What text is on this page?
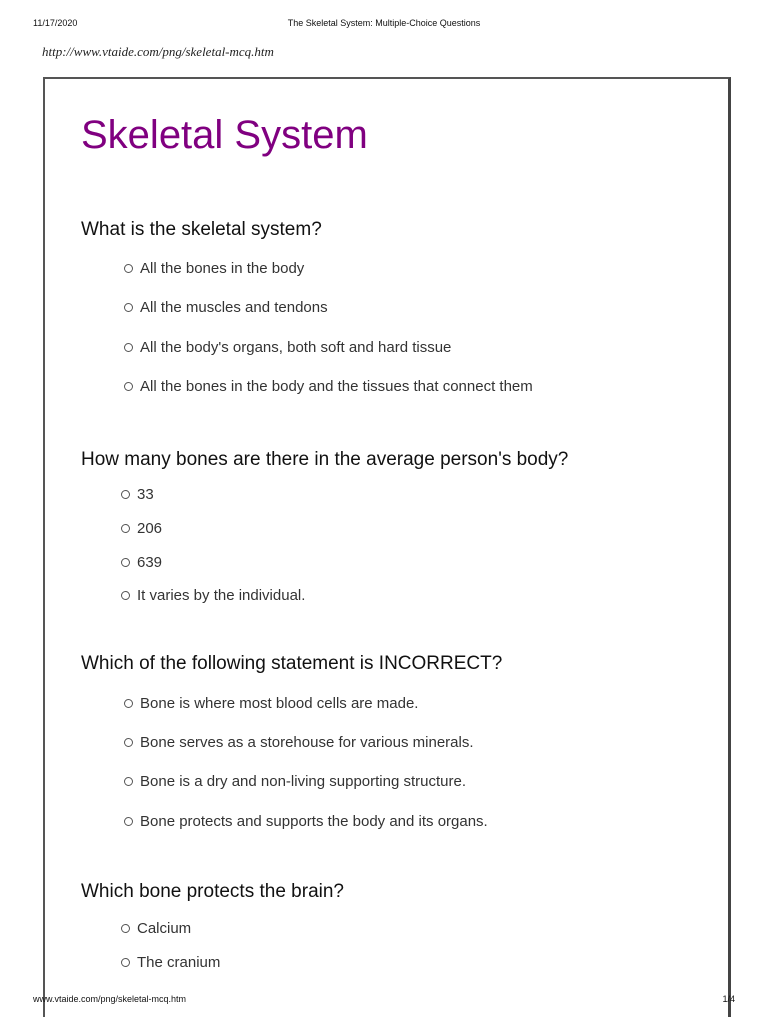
11/17/2020	The Skeletal System: Multiple-Choice Questions
http://www.vtaide.com/png/skeletal-mcq.htm
Skeletal System
What is the skeletal system?
All the bones in the body
All the muscles and tendons
All the body's organs, both soft and hard tissue
All the bones in the body and the tissues that connect them
How many bones are there in the average person's body?
33
206
639
It varies by the individual.
Which of the following statement is INCORRECT?
Bone is where most blood cells are made.
Bone serves as a storehouse for various minerals.
Bone is a dry and non-living supporting structure.
Bone protects and supports the body and its organs.
Which bone protects the brain?
Calcium
The cranium
www.vtaide.com/png/skeletal-mcq.htm	1/4
